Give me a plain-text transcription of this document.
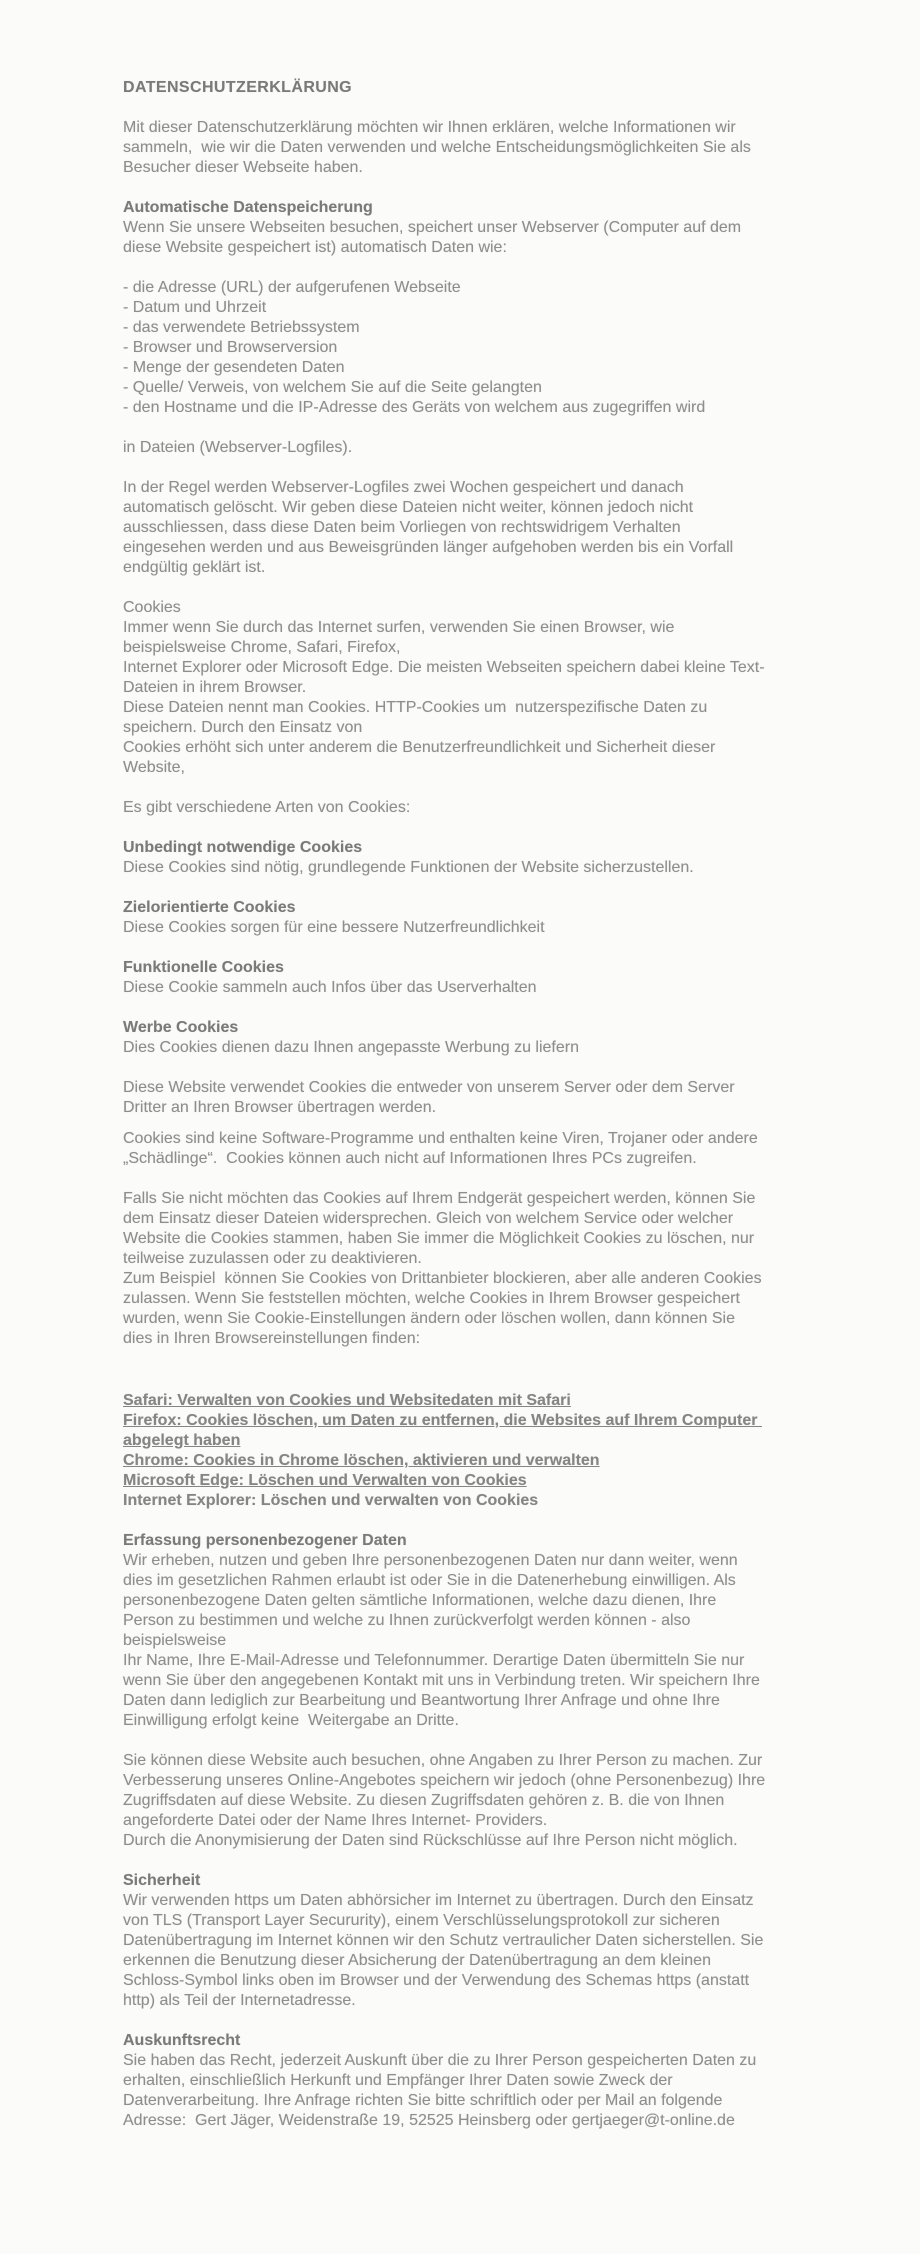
DATENSCHUTZERKLÄRUNG
Mit dieser Datenschutzerklärung möchten wir Ihnen erklären, welche Informationen wir
sammeln,  wie wir die Daten verwenden und welche Entscheidungsmöglichkeiten Sie als
Besucher dieser Webseite haben.
Automatische Datenspeicherung
Wenn Sie unsere Webseiten besuchen, speichert unser Webserver (Computer auf dem
diese Website gespeichert ist) automatisch Daten wie:
- die Adresse (URL) der aufgerufenen Webseite
- Datum und Uhrzeit
- das verwendete Betriebssystem
- Browser und Browserversion
- Menge der gesendeten Daten
- Quelle/ Verweis, von welchem Sie auf die Seite gelangten
- den Hostname und die IP-Adresse des Geräts von welchem aus zugegriffen wird
in Dateien (Webserver-Logfiles).
In der Regel werden Webserver-Logfiles zwei Wochen gespeichert und danach
automatisch gelöscht. Wir geben diese Dateien nicht weiter, können jedoch nicht
ausschliessen, dass diese Daten beim Vorliegen von rechtswidrigem Verhalten
eingesehen werden und aus Beweisgründen länger aufgehoben werden bis ein Vorfall
endgültig geklärt ist.
Cookies
Immer wenn Sie durch das Internet surfen, verwenden Sie einen Browser, wie
beispielsweise Chrome, Safari, Firefox,
Internet Explorer oder Microsoft Edge. Die meisten Webseiten speichern dabei kleine Text-
Dateien in ihrem Browser.
Diese Dateien nennt man Cookies. HTTP-Cookies um  nutzerspezifische Daten zu
speichern. Durch den Einsatz von
Cookies erhöht sich unter anderem die Benutzerfreundlichkeit und Sicherheit dieser
Website,
Es gibt verschiedene Arten von Cookies:
Unbedingt notwendige Cookies
Diese Cookies sind nötig, grundlegende Funktionen der Website sicherzustellen.
Zielorientierte Cookies
Diese Cookies sorgen für eine bessere Nutzerfreundlichkeit
Funktionelle Cookies
Diese Cookie sammeln auch Infos über das Userverhalten
Werbe Cookies
Dies Cookies dienen dazu Ihnen angepasste Werbung zu liefern
Diese Website verwendet Cookies die entweder von unserem Server oder dem Server
Dritter an Ihren Browser übertragen werden.
Cookies sind keine Software-Programme und enthalten keine Viren, Trojaner oder andere
„Schädlinge“.  Cookies können auch nicht auf Informationen Ihres PCs zugreifen.
Falls Sie nicht möchten das Cookies auf Ihrem Endgerät gespeichert werden, können Sie
dem Einsatz dieser Dateien widersprechen. Gleich von welchem Service oder welcher
Website die Cookies stammen, haben Sie immer die Möglichkeit Cookies zu löschen, nur
teilweise zuzulassen oder zu deaktivieren.
Zum Beispiel  können Sie Cookies von Drittanbieter blockieren, aber alle anderen Cookies
zulassen. Wenn Sie feststellen möchten, welche Cookies in Ihrem Browser gespeichert
wurden, wenn Sie Cookie-Einstellungen ändern oder löschen wollen, dann können Sie
dies in Ihren Browsereinstellungen finden:
Safari: Verwalten von Cookies und Websitedaten mit Safari
Firefox: Cookies löschen, um Daten zu entfernen, die Websites auf Ihrem Computer
abgelegt haben
Chrome: Cookies in Chrome löschen, aktivieren und verwalten
Microsoft Edge: Löschen und Verwalten von Cookies
Internet Explorer: Löschen und verwalten von Cookies
Erfassung personenbezogener Daten
Wir erheben, nutzen und geben Ihre personenbezogenen Daten nur dann weiter, wenn
dies im gesetzlichen Rahmen erlaubt ist oder Sie in die Datenerhebung einwilligen. Als
personenbezogene Daten gelten sämtliche Informationen, welche dazu dienen, Ihre
Person zu bestimmen und welche zu Ihnen zurückverfolgt werden können - also
beispielsweise
Ihr Name, Ihre E-Mail-Adresse und Telefonnummer. Derartige Daten übermitteln Sie nur
wenn Sie über den angegebenen Kontakt mit uns in Verbindung treten. Wir speichern Ihre
Daten dann lediglich zur Bearbeitung und Beantwortung Ihrer Anfrage und ohne Ihre
Einwilligung erfolgt keine  Weitergabe an Dritte.
Sie können diese Website auch besuchen, ohne Angaben zu Ihrer Person zu machen. Zur
Verbesserung unseres Online-Angebotes speichern wir jedoch (ohne Personenbezug) Ihre
Zugriffsdaten auf diese Website. Zu diesen Zugriffsdaten gehören z. B. die von Ihnen
angeforderte Datei oder der Name Ihres Internet- Providers.
Durch die Anonymisierung der Daten sind Rückschlüsse auf Ihre Person nicht möglich.
Sicherheit
Wir verwenden https um Daten abhörsicher im Internet zu übertragen. Durch den Einsatz
von TLS (Transport Layer Secururity), einem Verschlüsselungsprotokoll zur sicheren
Datenübertragung im Internet können wir den Schutz vertraulicher Daten sicherstellen. Sie
erkennen die Benutzung dieser Absicherung der Datenübertragung an dem kleinen
Schloss-Symbol links oben im Browser und der Verwendung des Schemas https (anstatt
http) als Teil der Internetadresse.
Auskunftsrecht
Sie haben das Recht, jederzeit Auskunft über die zu Ihrer Person gespeicherten Daten zu
erhalten, einschließlich Herkunft und Empfänger Ihrer Daten sowie Zweck der
Datenverarbeitung. Ihre Anfrage richten Sie bitte schriftlich oder per Mail an folgende
Adresse:  Gert Jäger, Weidenstraße 19, 52525 Heinsberg oder gertjaeger@t-online.de
